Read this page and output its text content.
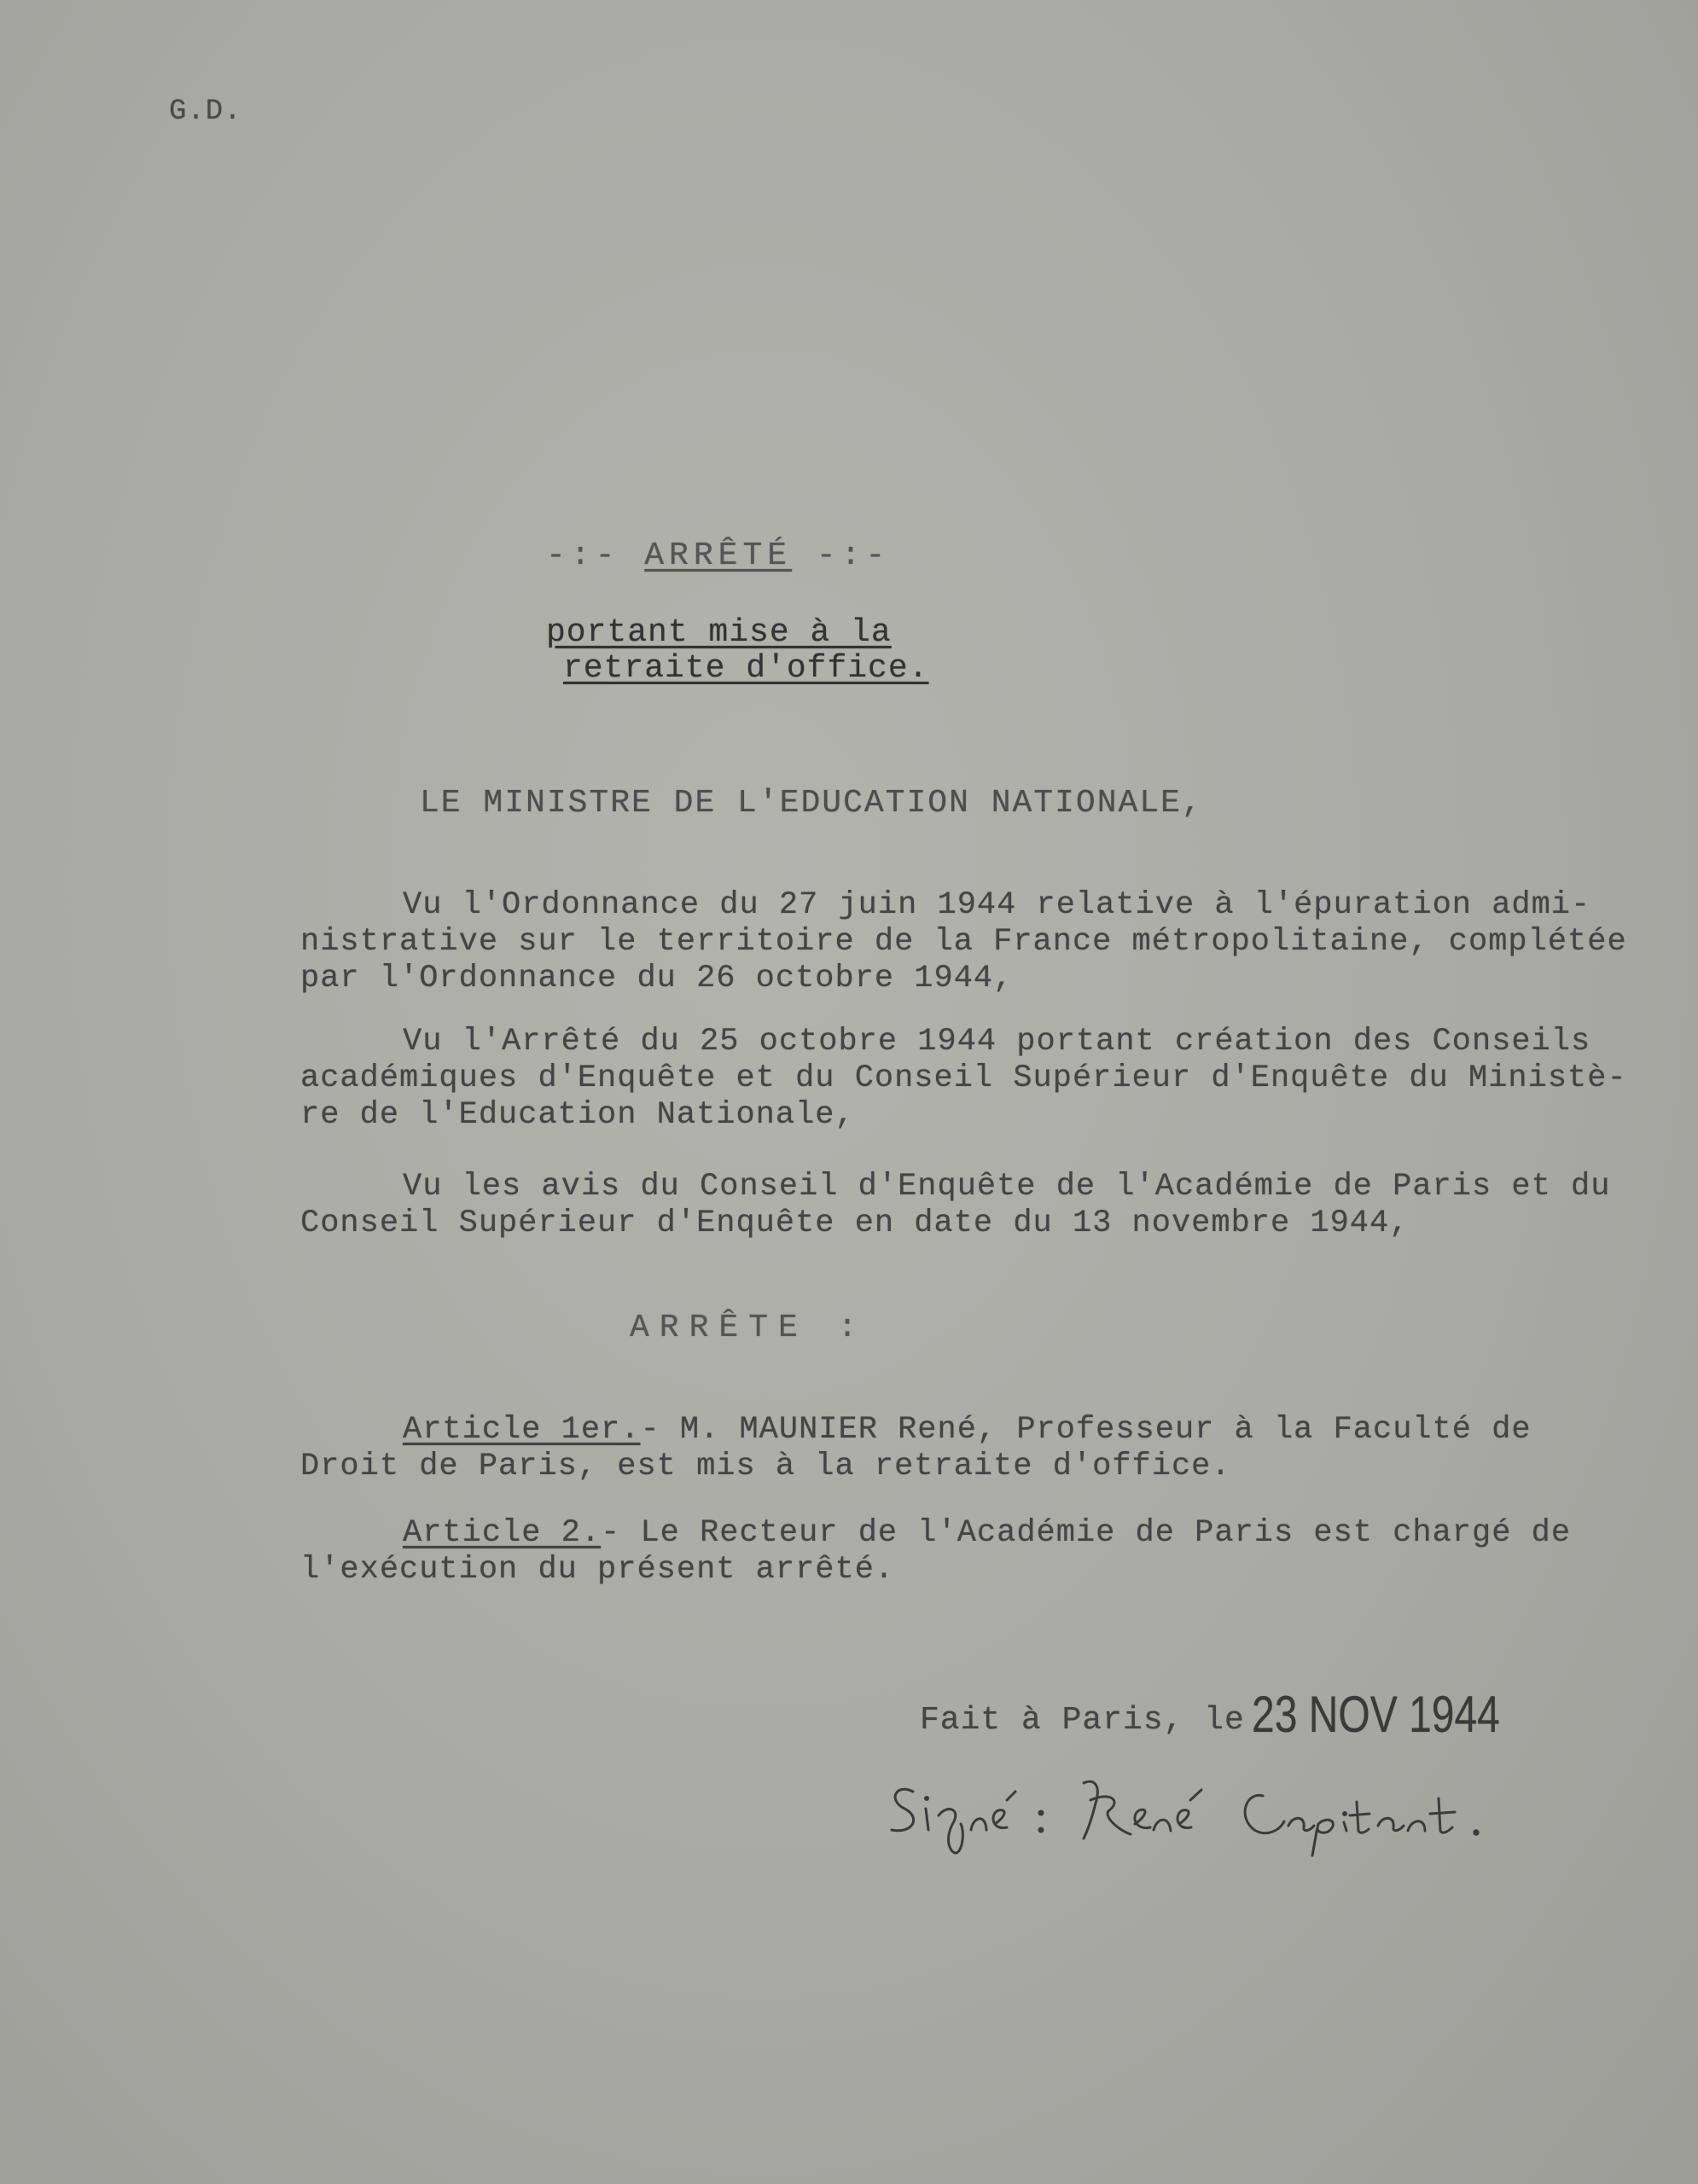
G.D.
-:- ARRÊTÉ -:-
portant mise à la
retraite d'office.
LE MINISTRE DE L'EDUCATION NATIONALE,
Vu l'Ordonnance du 27 juin 1944 relative à l'épuration admi-
nistrative sur le territoire de la France métropolitaine, complétée
par l'Ordonnance du 26 octobre 1944,
Vu l'Arrêté du 25 octobre 1944 portant création des Conseils
académiques d'Enquête et du Conseil Supérieur d'Enquête du Ministè-
re de l'Education Nationale,
Vu les avis du Conseil d'Enquête de l'Académie de Paris et du
Conseil Supérieur d'Enquête en date du 13 novembre 1944,
ARRÊTE :
Article 1er.- M. MAUNIER René, Professeur à la Faculté de
Droit de Paris, est mis à la retraite d'office.
Article 2.- Le Recteur de l'Académie de Paris est chargé de
l'exécution du présent arrêté.
Fait à Paris, le 23 NOV 1944
